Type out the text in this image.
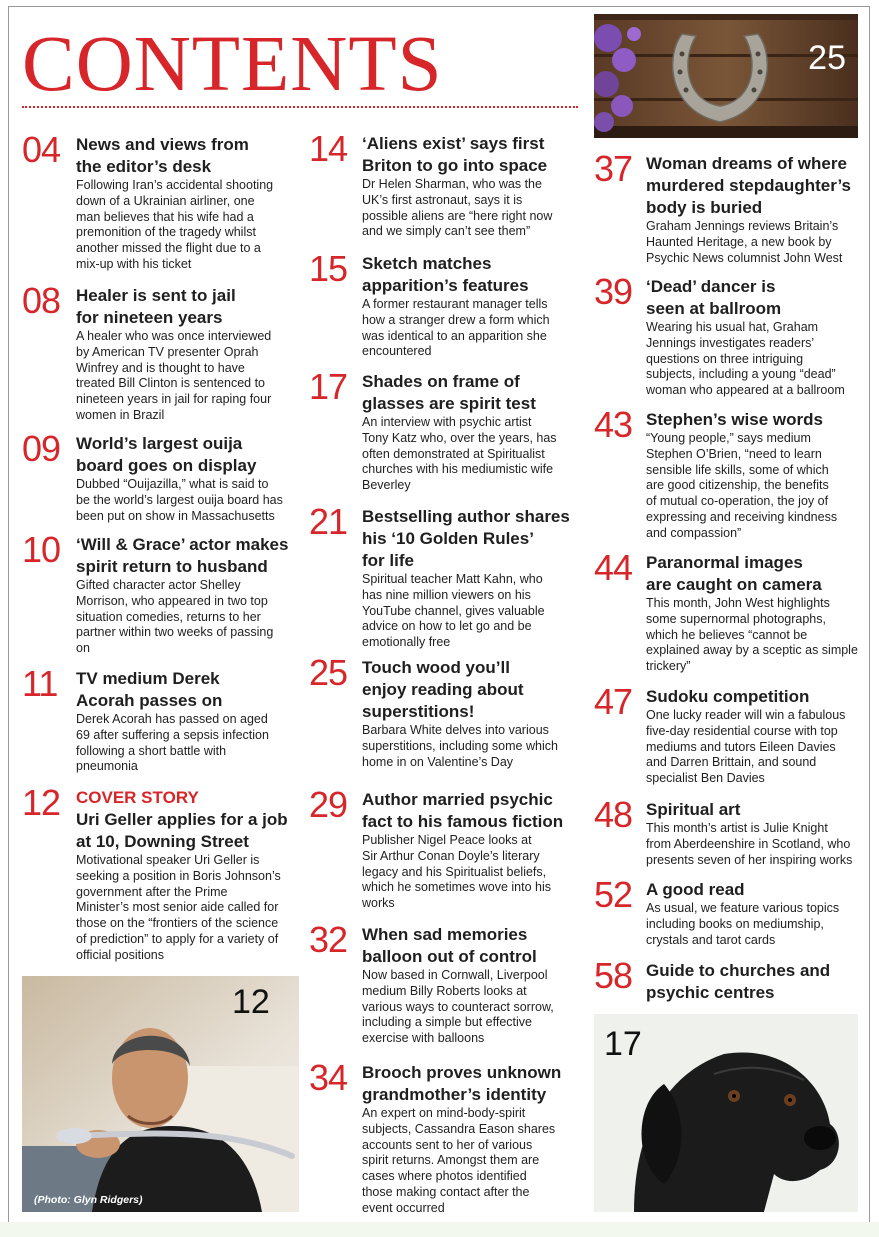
CONTENTS
04 News and views from
the editor’s desk
Following Iran’s accidental shooting
down of a Ukrainian airliner, one
man believes that his wife had a
premonition of the tragedy whilst
another missed the flight due to a
mix-up with his ticket
08 Healer is sent to jail
for nineteen years
A healer who was once interviewed
by American TV presenter Oprah
Winfrey and is thought to have
treated Bill Clinton is sentenced to
nineteen years in jail for raping four
women in Brazil
09 World’s largest ouija
board goes on display
Dubbed “Ouijazilla,” what is said to
be the world’s largest ouija board has
been put on show in Massachusetts
10 ‘Will & Grace’ actor makes
spirit return to husband
Gifted character actor Shelley
Morrison, who appeared in two top
situation comedies, returns to her
partner within two weeks of passing
on
11 TV medium Derek
Acorah passes on
Derek Acorah has passed on aged
69 after suffering a sepsis infection
following a short battle with
pneumonia
12 COVER STORY
Uri Geller applies for a job
at 10, Downing Street
Motivational speaker Uri Geller is
seeking a position in Boris Johnson’s
government after the Prime
Minister’s most senior aide called for
those on the “frontiers of the science
of prediction” to apply for a variety of
official positions
14 ‘Aliens exist’ says first
Briton to go into space
Dr Helen Sharman, who was the
UK’s first astronaut, says it is
possible aliens are “here right now
and we simply can’t see them”
15 Sketch matches
apparition’s features
A former restaurant manager tells
how a stranger drew a form which
was identical to an apparition she
encountered
17 Shades on frame of
glasses are spirit test
An interview with psychic artist
Tony Katz who, over the years, has
often demonstrated at Spiritualist
churches with his mediumistic wife
Beverley
21 Bestselling author shares
his ‘10 Golden Rules’
for life
Spiritual teacher Matt Kahn, who
has nine million viewers on his
YouTube channel, gives valuable
advice on how to let go and be
emotionally free
25 Touch wood you’ll
enjoy reading about
superstitions!
Barbara White delves into various
superstitions, including some which
home in on Valentine’s Day
29 Author married psychic
fact to his famous fiction
Publisher Nigel Peace looks at
Sir Arthur Conan Doyle’s literary
legacy and his Spiritualist beliefs,
which he sometimes wove into his
works
32 When sad memories
balloon out of control
Now based in Cornwall, Liverpool
medium Billy Roberts looks at
various ways to counteract sorrow,
including a simple but effective
exercise with balloons
34 Brooch proves unknown
grandmother’s identity
An expert on mind-body-spirit
subjects, Cassandra Eason shares
accounts sent to her of various
spirit returns. Amongst them are
cases where photos identified
those making contact after the
event occurred
37 Woman dreams of where
murdered stepdaughter’s
body is buried
Graham Jennings reviews Britain’s
Haunted Heritage, a new book by
Psychic News columnist John West
39 ‘Dead’ dancer is
seen at ballroom
Wearing his usual hat, Graham
Jennings investigates readers’
questions on three intriguing
subjects, including a young “dead”
woman who appeared at a ballroom
43 Stephen’s wise words
“Young people,” says medium
Stephen O’Brien, “need to learn
sensible life skills, some of which
are good citizenship, the benefits
of mutual co-operation, the joy of
expressing and receiving kindness
and compassion”
44 Paranormal images
are caught on camera
This month, John West highlights
some supernormal photographs,
which he believes “cannot be
explained away by a sceptic as simple
trickery”
47 Sudoku competition
One lucky reader will win a fabulous
five-day residential course with top
mediums and tutors Eileen Davies
and Darren Brittain, and sound
specialist Ben Davies
48 Spiritual art
This month’s artist is Julie Knight
from Aberdeenshire in Scotland, who
presents seven of her inspiring works
52 A good read
As usual, we feature various topics
including books on mediumship,
crystals and tarot cards
58 Guide to churches and
psychic centres
25
12
(Photo: Glyn Ridgers)
17
